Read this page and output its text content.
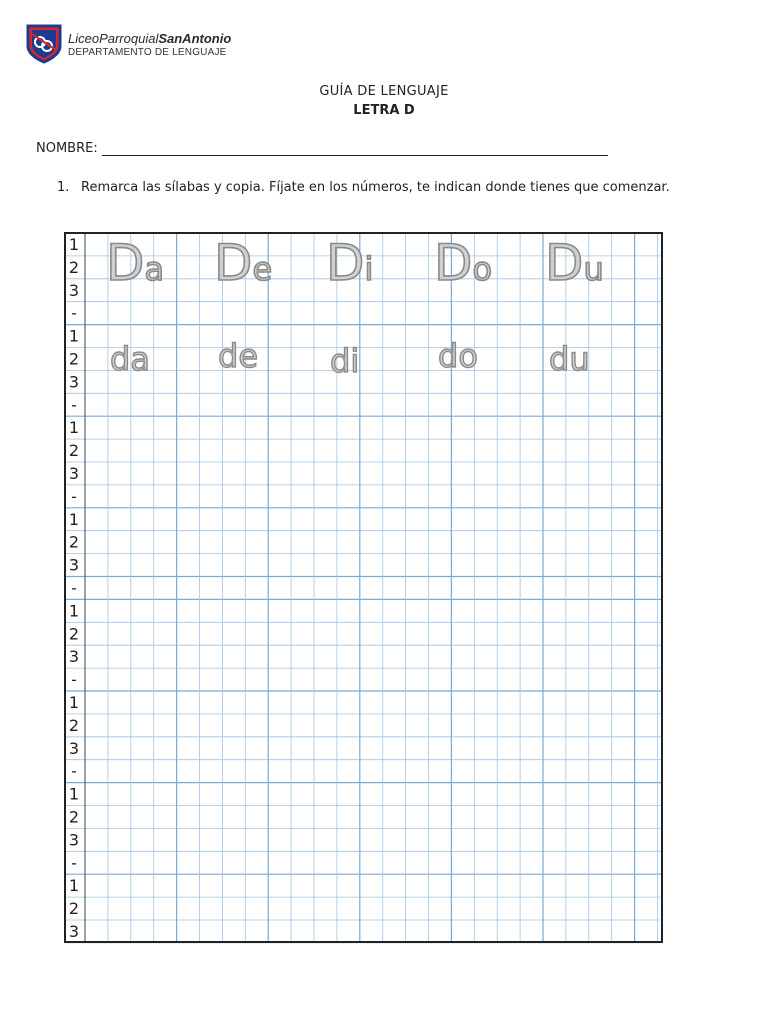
LiceoParroquialSanAntonio
DEPARTAMENTO DE LENGUAJE
GUÍA DE LENGUAJE
LETRA D
NOMBRE:
1. Remarca las sílabas y copia. Fíjate en los números, te indican donde tienes que comenzar.
1
2
3
-
1
2
3
-
1
2
3
-
1
2
3
-
1
2
3
-
1
2
3
-
1
2
3
-
1
2
3
Da De Di Do Du
da de di do du
